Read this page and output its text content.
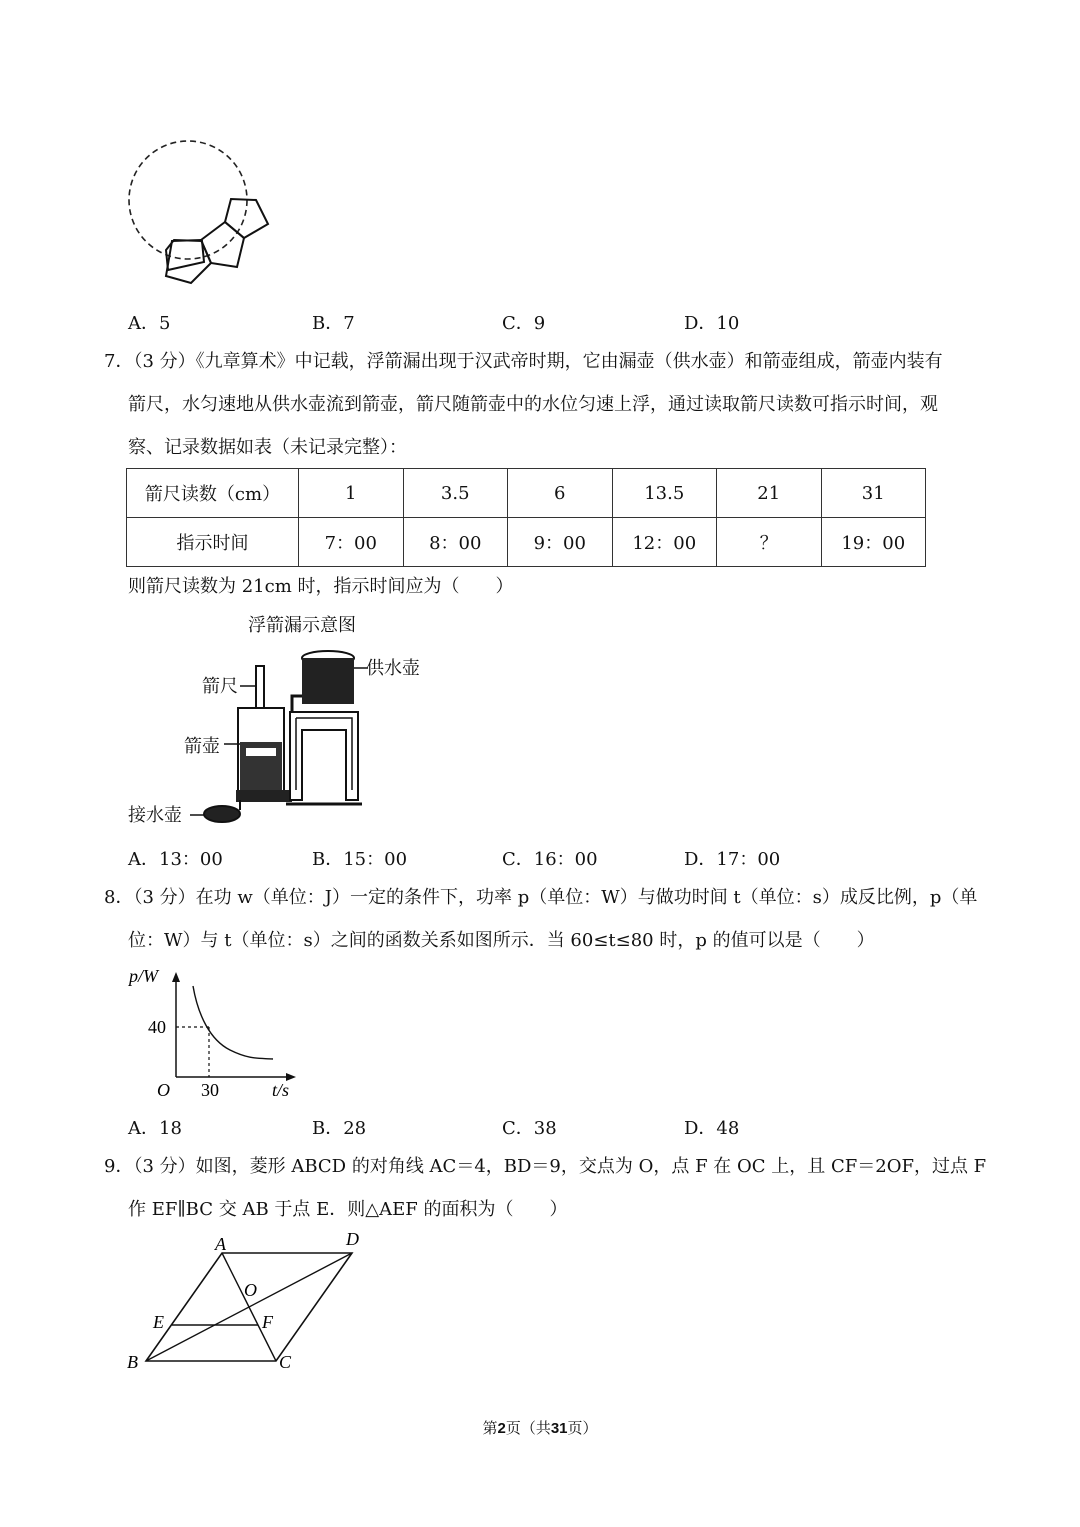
A．5	B．7	C．9	D．10
7．（3 分）《九章算术》中记载，浮箭漏出现于汉武帝时期，它由漏壶（供水壶）和箭壶组成，箭壶内装有
箭尺，水匀速地从供水壶流到箭壶，箭尺随箭壶中的水位匀速上浮，通过读取箭尺读数可指示时间，观
察、记录数据如表（未记录完整）：
箭尺读数（cm）	1	3.5	6	13.5	21	31
指示时间	7：00	8：00	9：00	12：00	？	19：00
则箭尺读数为 21cm 时，指示时间应为（　　）
浮箭漏示意图
箭尺
供水壶
箭壶
接水壶
A．13：00	B．15：00	C．16：00	D．17：00
8．（3 分）在功 w（单位：J）一定的条件下，功率 p（单位：W）与做功时间 t（单位：s）成反比例，p（单
位：W）与 t（单位：s）之间的函数关系如图所示．当 60≤t≤80 时，p 的值可以是（　　）
p/W
40
O 30	t/s
A．18	B．28	C．38	D．48
9．（3 分）如图，菱形 ABCD 的对角线 AC＝4，BD＝9，交点为 O，点 F 在 OC 上，且 CF＝2OF，过点 F
作 EF∥BC 交 AB 于点 E．则△AEF 的面积为（　　）
A	D
O
E	F
B	C
第2页（共31页）
